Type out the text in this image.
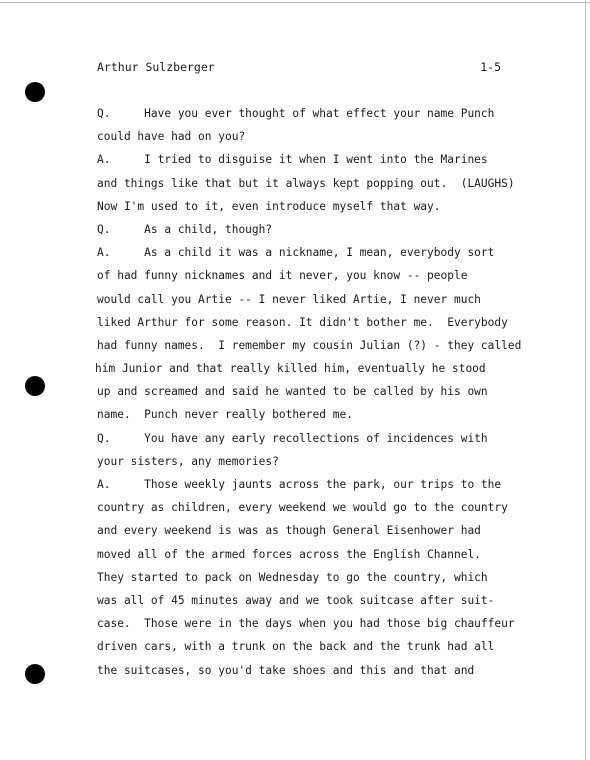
Arthur Sulzberger

	1-5

Q.     Have you ever thought of what effect your name Punch
could have had on you?
A.     I tried to disguise it when I went into the Marines
and things like that but it always kept popping out.  (LAUGHS)
Now I'm used to it, even introduce myself that way.
Q.     As a child, though?
A.     As a child it was a nickname, I mean, everybody sort
of had funny nicknames and it never, you know -- people
would call you Artie -- I never liked Artie, I never much
liked Arthur for some reason. It didn't bother me.  Everybody
had funny names.  I remember my cousin Julian (?) - they called
him Junior and that really killed him, eventually he stood
up and screamed and said he wanted to be called by his own
name.  Punch never really bothered me.
Q.     You have any early recollections of incidences with
your sisters, any memories?
A.     Those weekly jaunts across the park, our trips to the
country as children, every weekend we would go to the country
and every weekend is was as though General Eisenhower had
moved all of the armed forces across the English Channel.
They started to pack on Wednesday to go the country, which
was all of 45 minutes away and we took suitcase after suit-
case.  Those were in the days when you had those big chauffeur
driven cars, with a trunk on the back and the trunk had all
the suitcases, so you'd take shoes and this and that and
